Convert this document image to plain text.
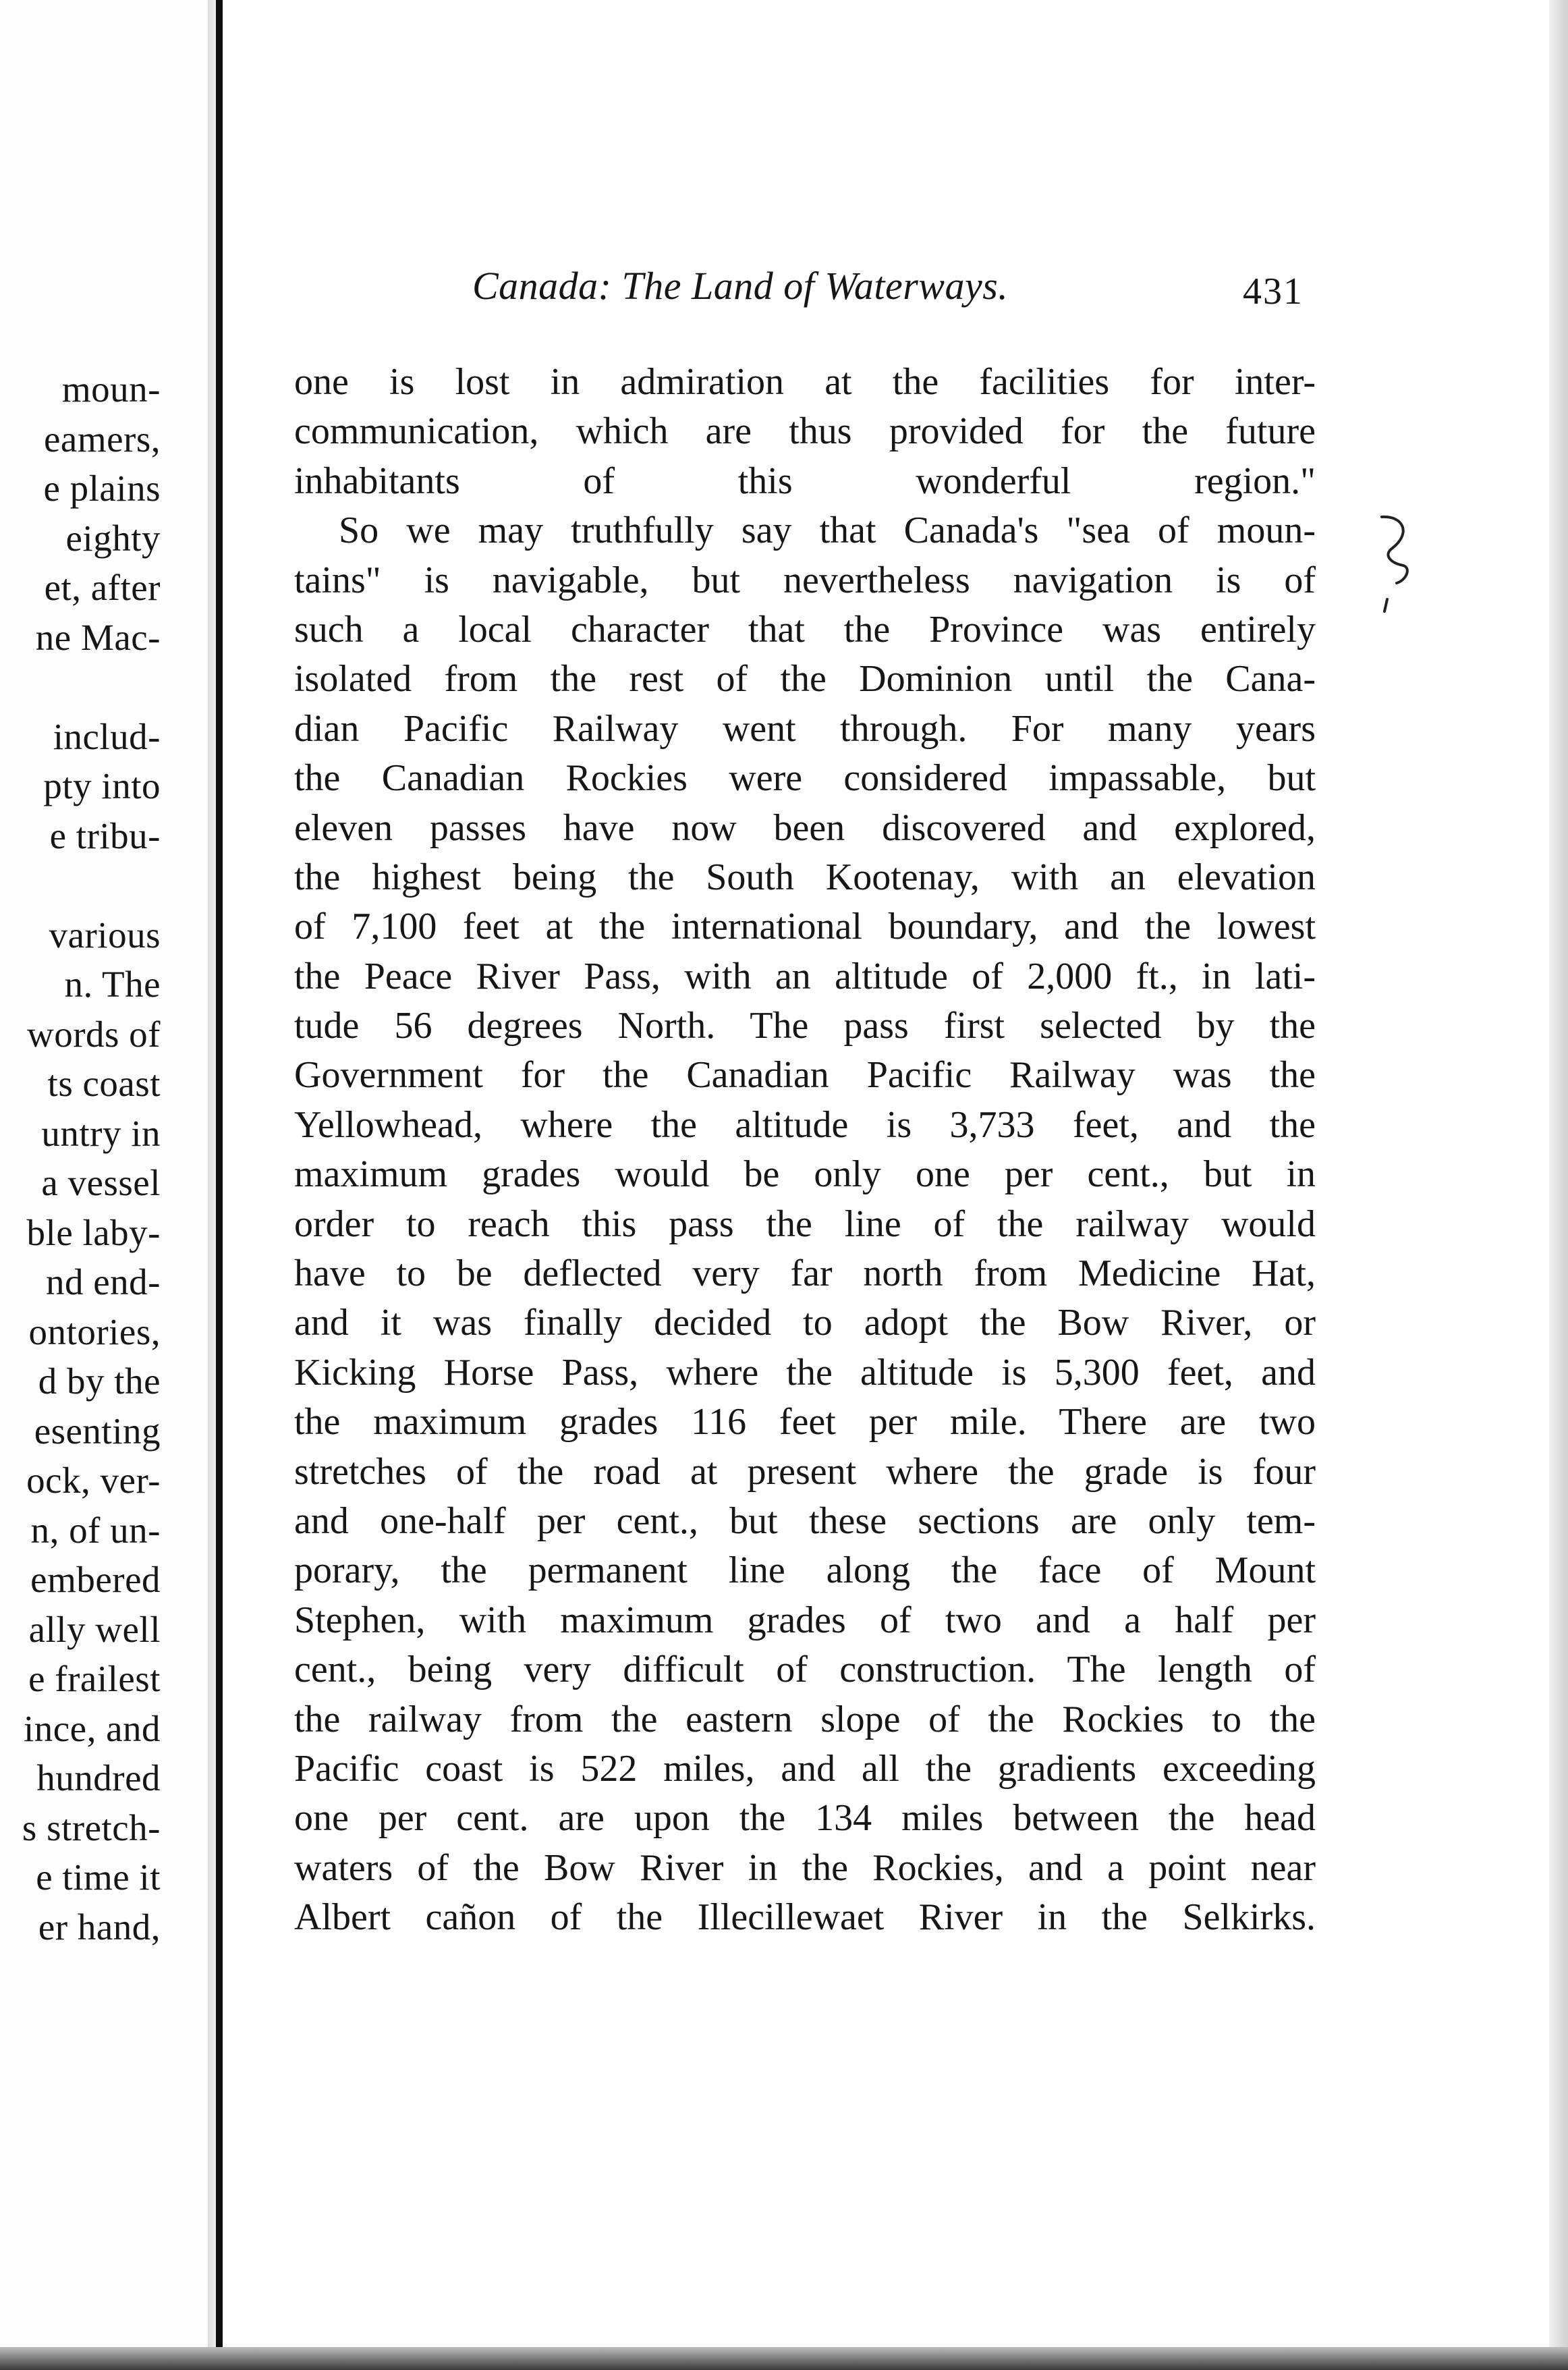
moun-
eamers,
e plains
eighty
et, after
ne Mac-
includ-
pty into
e tribu-
various
n. The
words of
ts coast
untry in
a vessel
ble laby-
nd end-
ontories,
d by the
esenting
ock, ver-
n, of un-
embered
ally well
e frailest
ince, and
hundred
s stretch-
e time it
er hand,
Canada: The Land of Waterways.	431
one is lost in admiration at the facilities for inter-
communication, which are thus provided for the future
inhabitants of this wonderful region."
So we may truthfully say that Canada's "sea of moun-
tains" is navigable, but nevertheless navigation is of
such a local character that the Province was entirely
isolated from the rest of the Dominion until the Cana-
dian Pacific Railway went through. For many years
the Canadian Rockies were considered impassable, but
eleven passes have now been discovered and explored,
the highest being the South Kootenay, with an elevation
of 7,100 feet at the international boundary, and the lowest
the Peace River Pass, with an altitude of 2,000 ft., in lati-
tude 56 degrees North. The pass first selected by the
Government for the Canadian Pacific Railway was the
Yellowhead, where the altitude is 3,733 feet, and the
maximum grades would be only one per cent., but in
order to reach this pass the line of the railway would
have to be deflected very far north from Medicine Hat,
and it was finally decided to adopt the Bow River, or
Kicking Horse Pass, where the altitude is 5,300 feet, and
the maximum grades 116 feet per mile. There are two
stretches of the road at present where the grade is four
and one-half per cent., but these sections are only tem-
porary, the permanent line along the face of Mount
Stephen, with maximum grades of two and a half per
cent., being very difficult of construction. The length of
the railway from the eastern slope of the Rockies to the
Pacific coast is 522 miles, and all the gradients exceeding
one per cent. are upon the 134 miles between the head
waters of the Bow River in the Rockies, and a point near
Albert cañon of the Illecillewaet River in the Selkirks.
